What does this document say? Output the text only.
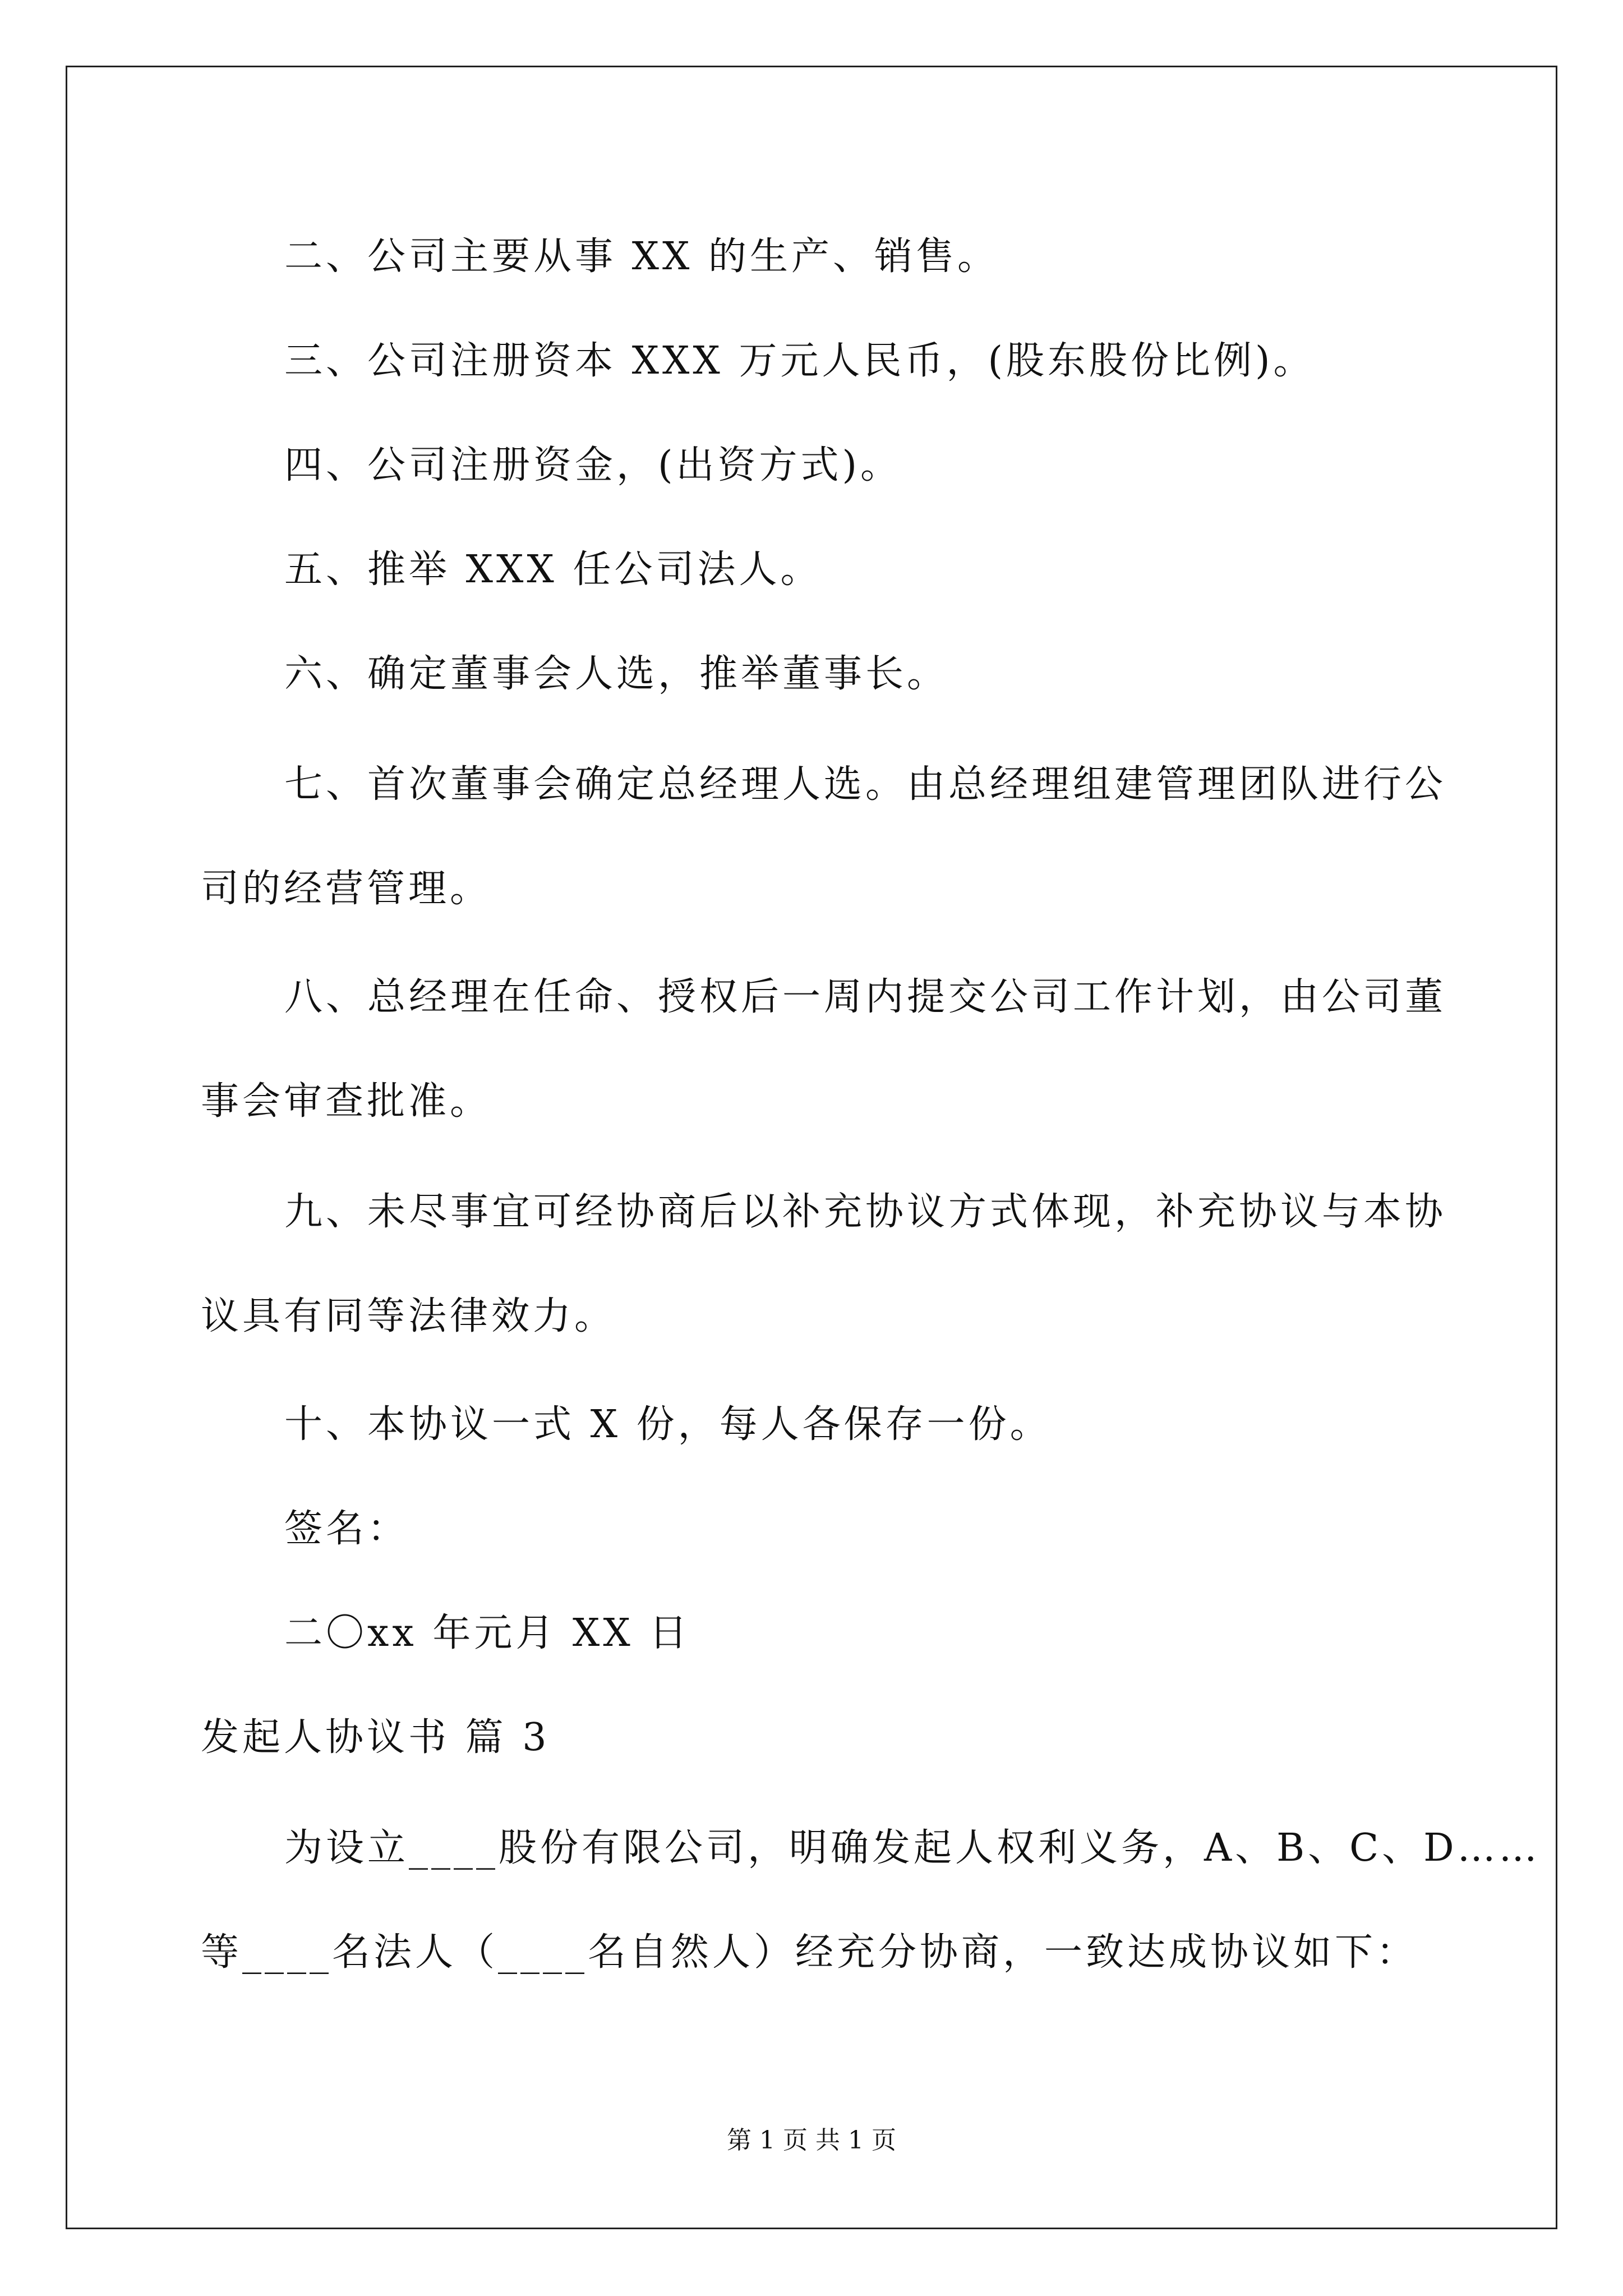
二、公司主要从事 XX 的生产、销售。
三、公司注册资本 XXX 万元人民币，(股东股份比例)。
四、公司注册资金，(出资方式)。
五、推举 XXX 任公司法人。
六、确定董事会人选，推举董事长。
七、首次董事会确定总经理人选。由总经理组建管理团队进行公
司的经营管理。
八、总经理在任命、授权后一周内提交公司工作计划，由公司董
事会审查批准。
九、未尽事宜可经协商后以补充协议方式体现，补充协议与本协
议具有同等法律效力。
十、本协议一式 X 份，每人各保存一份。
签名：
二〇xx 年元月 XX 日
发起人协议书 篇 3
为设立____股份有限公司，明确发起人权利义务，A、B、C、D……
等____名法人（____名自然人）经充分协商，一致达成协议如下：
第 1 页 共 1 页
